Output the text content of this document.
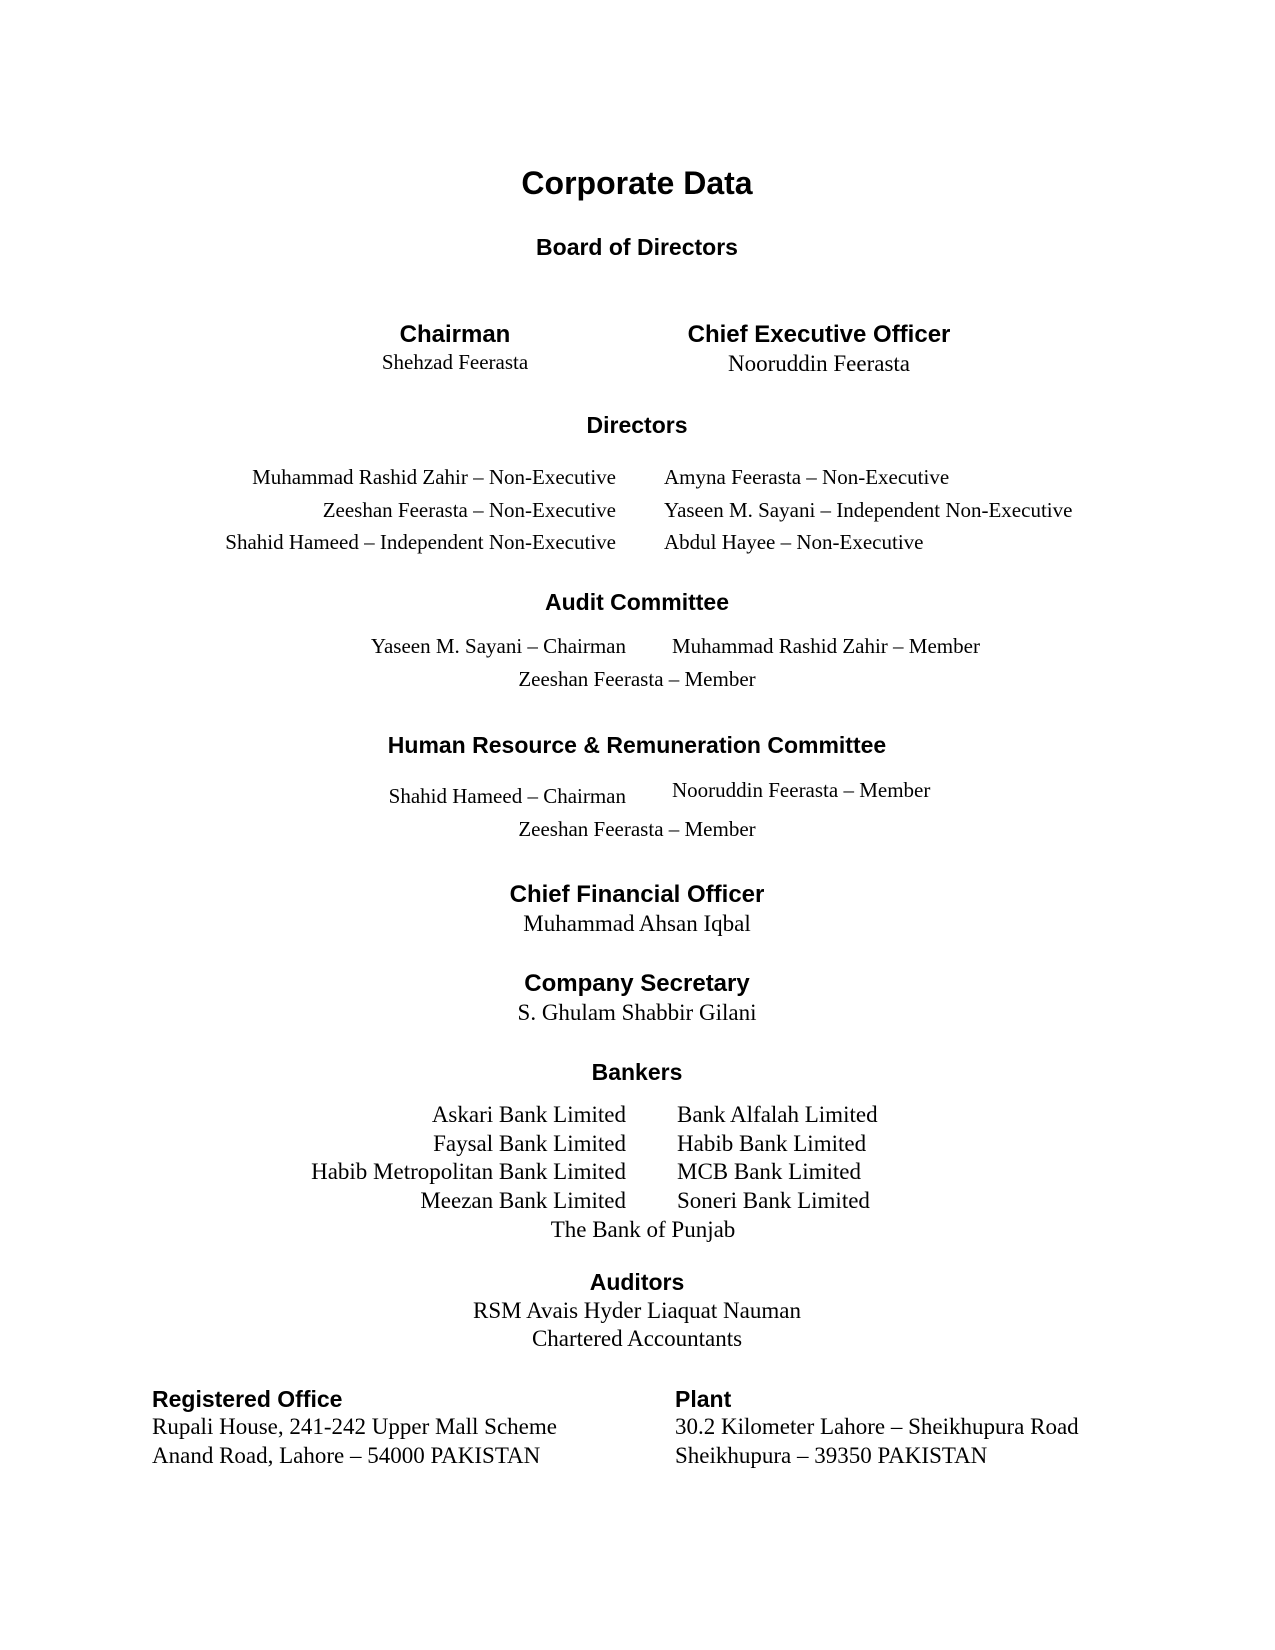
Corporate Data
Board of Directors
Chairman
Shehzad Feerasta
Chief Executive Officer
Nooruddin Feerasta
Directors
Muhammad Rashid Zahir – Non-Executive
Zeeshan Feerasta – Non-Executive
Shahid Hameed – Independent Non-Executive
Amyna Feerasta – Non-Executive
Yaseen M. Sayani – Independent Non-Executive
Abdul Hayee – Non-Executive
Audit Committee
Yaseen M. Sayani – Chairman Muhammad Rashid Zahir – Member
Zeeshan Feerasta – Member
Human Resource & Remuneration Committee
Shahid Hameed – Chairman Nooruddin Feerasta – Member
Zeeshan Feerasta – Member
Chief Financial Officer
Muhammad Ahsan Iqbal
Company Secretary
S. Ghulam Shabbir Gilani
Bankers
Askari Bank Limited
Faysal Bank Limited
Habib Metropolitan Bank Limited
Meezan Bank Limited
Bank Alfalah Limited
Habib Bank Limited
MCB Bank Limited
Soneri Bank Limited
The Bank of Punjab
Auditors
RSM Avais Hyder Liaquat Nauman
Chartered Accountants
Registered Office
Rupali House, 241-242 Upper Mall Scheme
Anand Road, Lahore – 54000 PAKISTAN
Plant
30.2 Kilometer Lahore – Sheikhupura Road
Sheikhupura – 39350 PAKISTAN
